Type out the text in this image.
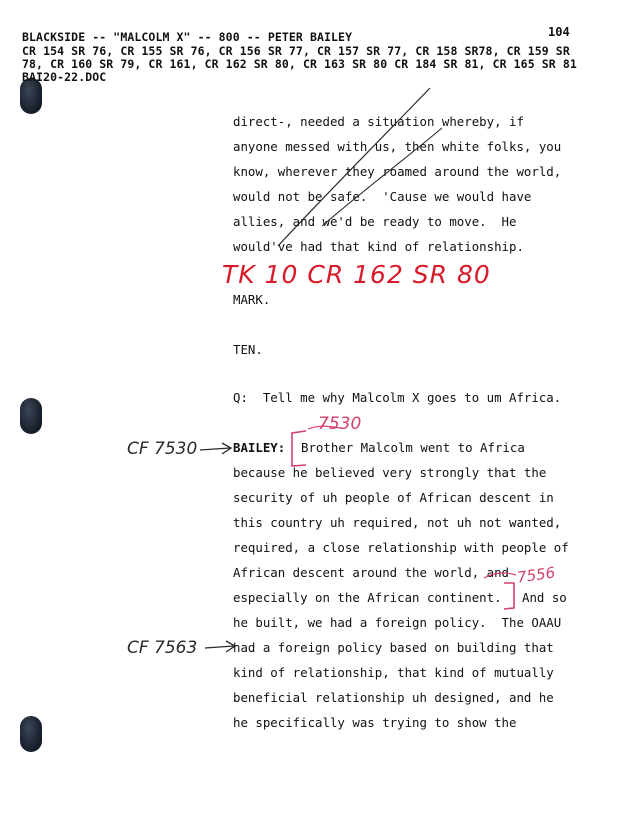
BLACKSIDE -- "MALCOLM X" -- 800 -- PETER BAILEY	104
CR 154 SR 76, CR 155 SR 76, CR 156 SR 77, CR 157 SR 77, CR 158 SR78, CR 159 SR
78, CR 160 SR 79, CR 161, CR 162 SR 80, CR 163 SR 80 CR 184 SR 81, CR 165 SR 81
BAI20-22.DOC
direct-, needed a situation whereby, if
anyone messed with us, then white folks, you
know, wherever they roamed around the world,
would not be safe.  'Cause we would have
allies, and we'd be ready to move.  He
would've had that kind of relationship.
TK 10 CR 162 SR 80
MARK.
TEN.
Q:  Tell me why Malcolm X goes to um Africa.
BAILEY: Brother Malcolm went to Africa
because he believed very strongly that the
security of uh people of African descent in
this country uh required, not uh not wanted,
required, a close relationship with people of
African descent around the world, and
especially on the African continent. And so
he built, we had a foreign policy.  The OAAU
had a foreign policy based on building that
kind of relationship, that kind of mutually
beneficial relationship uh designed, and he
he specifically was trying to show the
CF 7530
CF 7563
7530
7556
